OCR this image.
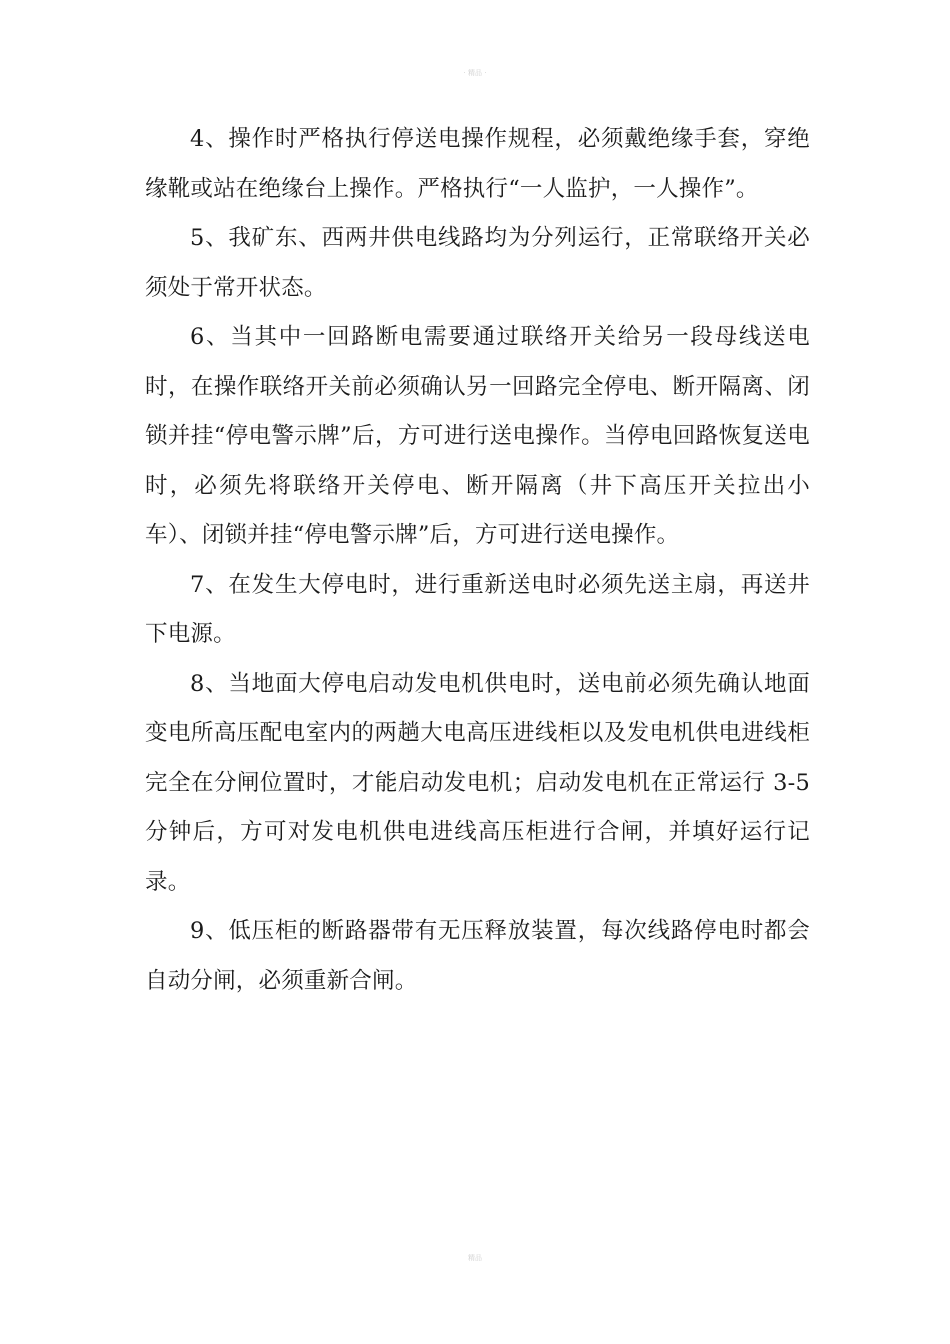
· 精品 ·

4、操作时严格执行停送电操作规程，必须戴绝缘手套，穿绝缘靴或站在绝缘台上操作。严格执行“一人监护，一人操作”。

5、我矿东、西两井供电线路均为分列运行，正常联络开关必须处于常开状态。

6、当其中一回路断电需要通过联络开关给另一段母线送电时，在操作联络开关前必须确认另一回路完全停电、断开隔离、闭锁并挂“停电警示牌”后，方可进行送电操作。当停电回路恢复送电时，必须先将联络开关停电、断开隔离（井下高压开关拉出小车）、闭锁并挂“停电警示牌”后，方可进行送电操作。

7、在发生大停电时，进行重新送电时必须先送主扇，再送井下电源。

8、当地面大停电启动发电机供电时，送电前必须先确认地面变电所高压配电室内的两趟大电高压进线柜以及发电机供电进线柜完全在分闸位置时，才能启动发电机；启动发电机在正常运行 3-5 分钟后，方可对发电机供电进线高压柜进行合闸，并填好运行记录。

9、低压柜的断路器带有无压释放装置，每次线路停电时都会自动分闸，必须重新合闸。

精品
